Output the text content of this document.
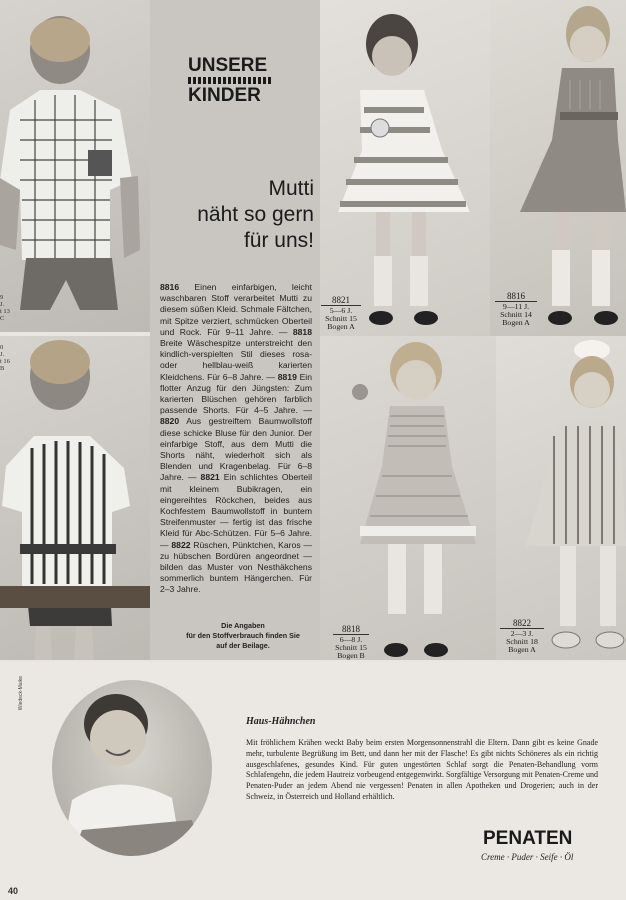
9
J.
t 13
C
0
J.
t 16
B
UNSERE
KINDER
Mutti
näht so gern
für uns!
8816 Einen einfarbigen, leicht waschbaren Stoff verarbeitet Mutti zu diesem süßen Kleid. Schmale Fältchen, mit Spitze verziert, schmücken Oberteil und Rock. Für 9–11 Jahre. — 8818 Breite Wäschespitze unterstreicht den kindlich-verspielten Stil dieses rosa- oder hellblau-weiß karierten Kleidchens. Für 6–8 Jahre. — 8819 Ein flotter Anzug für den Jüngsten: Zum karierten Blüschen gehören farblich passende Shorts. Für 4–5 Jahre. — 8820 Aus gestreiftem Baumwollstoff diese schicke Bluse für den Junior. Der einfarbige Stoff, aus dem Mutti die Shorts näht, wiederholt sich als Blenden und Kragenbelag. Für 6–8 Jahre. — 8821 Ein schlichtes Oberteil mit kleinem Bubikragen, ein eingereihtes Röckchen, beides aus Kochfestem Baumwollstoff in buntem Streifenmuster — fertig ist das frische Kleid für Abc-Schützen. Für 5–6 Jahre. — 8822 Rüschen, Pünktchen, Karos — zu hübschen Bordüren angeordnet — bilden das Muster von Nesthäkchens sommerlich buntem Hängerchen. Für 2–3 Jahre.
Die Angaben
für den Stoffverbrauch finden Sie
auf der Beilage.
8821
5—6 J.
Schnitt 15
Bogen A
8816
9—11 J.
Schnitt 14
Bogen A
8818
6—8 J.
Schnitt 15
Bogen B
8822
2—3 J.
Schnitt 18
Bogen A
Wiedeck-Maike
Haus-Hähnchen
Mit fröhlichem Krähen weckt Baby beim ersten Morgensonnenstrahl die Eltern. Dann gibt es keine Gnade mehr, turbulente Begrüßung im Bett, und dann her mit der Flasche! Es gibt nichts Schöneres als ein richtig ausgeschlafenes, gesundes Kind. Für guten ungestörten Schlaf sorgt die Penaten-Behandlung vorm Schlafengehn, die jedem Hautreiz vorbeugend entgegenwirkt. Sorgfältige Versorgung mit Penaten-Creme und Penaten-Puder an jedem Abend nie vergessen! Penaten in allen Apotheken und Drogerien; auch in der Schweiz, in Österreich und Holland erhältlich.
PENATEN
Creme · Puder · Seife · Öl
40
